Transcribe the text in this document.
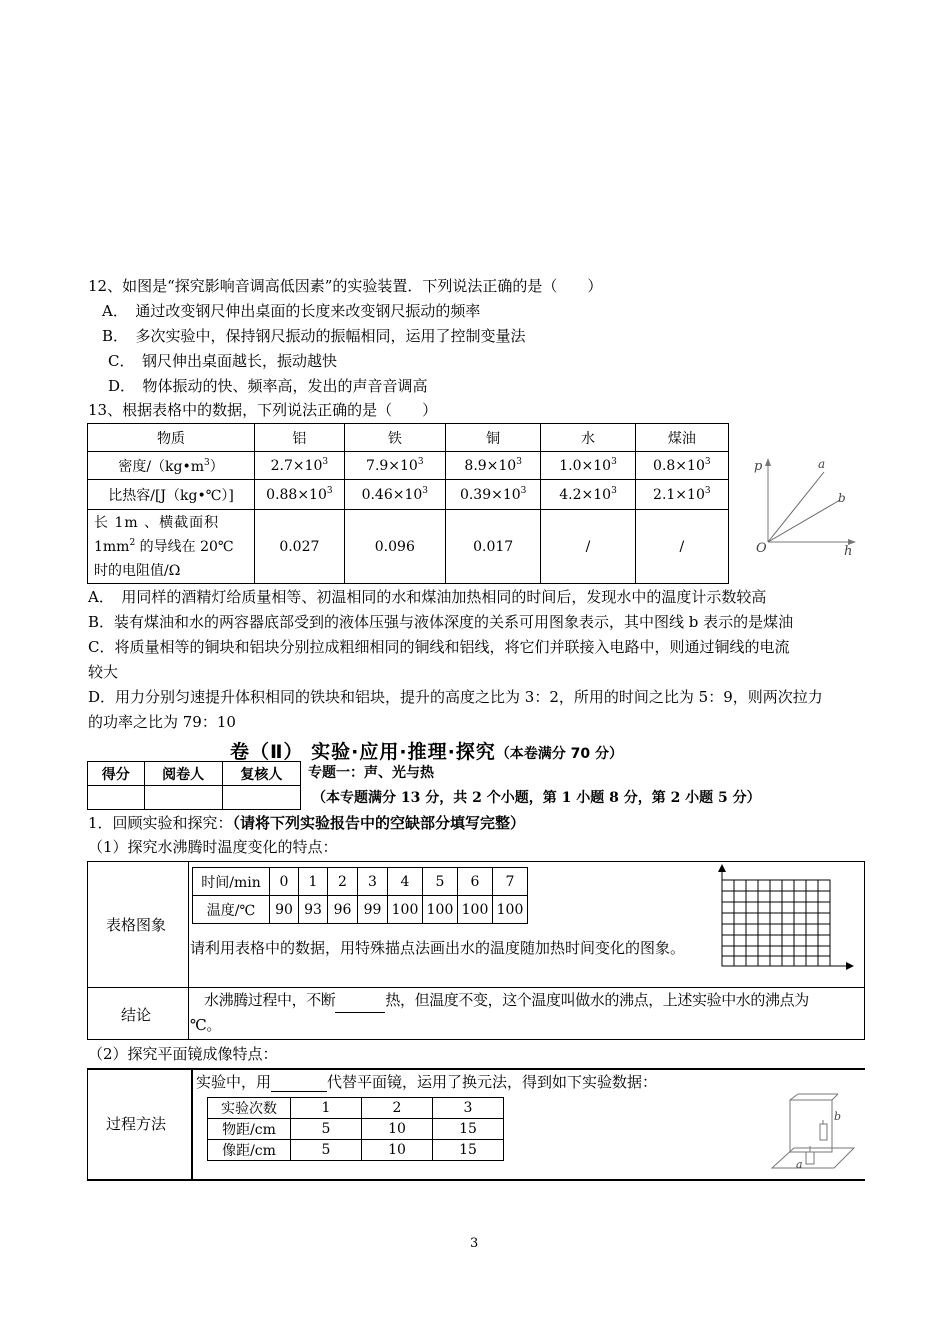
12、如图是“探究影响音调高低因素”的实验装置．下列说法正确的是（　　）
A．　通过改变钢尺伸出桌面的长度来改变钢尺振动的频率
B．　多次实验中，保持钢尺振动的振幅相同，运用了控制变量法
C．　钢尺伸出桌面越长，振动越快
D．　物体振动的快、频率高，发出的声音音调高
13、根据表格中的数据，下列说法正确的是（　　）
物质	铝	铁	铜	水	煤油
密度$/(kg•m^3)$	$2.7\times 10^3$	$7.9\times 10^3$	$8.9\times 10^3$	$1.0\times 10^3$	$0.8\times 10^3$
比热容/[J（kg•℃）]	$0.88\times 10^3$	$0.46\times 10^3$	$0.39\times 10^3$	$4.2\times 10^3$	$2.1\times 10^3$

长 1m 、横截面积
$1mm^2$ 的导线在 20℃
时的电阻值/Ω	0.027	0.096	0.017	/	/
p
h
O
a
b
A．　用同样的酒精灯给质量相等、初温相同的水和煤油加热相同的时间后，发现水中的温度计示数较高
B．装有煤油和水的两容器底部受到的液体压强与液体深度的关系可用图象表示，其中图线 b 表示的是煤油
C．将质量相等的铜块和铝块分别拉成粗细相同的铜线和铝线，将它们并联接入电路中，则通过铜线的电流
较大
D．用力分别匀速提升体积相同的铁块和铝块，提升的高度之比为 3：2，所用的时间之比为 5：9，则两次拉力
的功率之比为 79：10
卷（Ⅱ） 实验·应用·推理·探究（本卷满分 70 分）
得分	阅卷人	复核人
		专题一：声、光与热
（本专题满分 13 分，共 2 个小题，第 1 小题 8 分，第 2 小题 5 分）
1．回顾实验和探究：（请将下列实验报告中的空缺部分填写完整）
（1）探究水沸腾时温度变化的特点：
表格图象
时间/min	0	1	2	3	4	5	6	7
温度/℃	90	93	96	99	100	100	100	100
请利用表格中的数据，用特殊描点法画出水的温度随加热时间变化的图象。
结论
水沸腾过程中，不断	热，但温度不变，这个温度叫做水的沸点，上述实验中水的沸点为
℃。
（2）探究平面镜成像特点：
过程方法
实验中，用	代替平面镜，运用了换元法，得到如下实验数据：
实验次数	1	2	3
物距/cm	5	10	15
像距/cm	5	10	15
b
a
3
